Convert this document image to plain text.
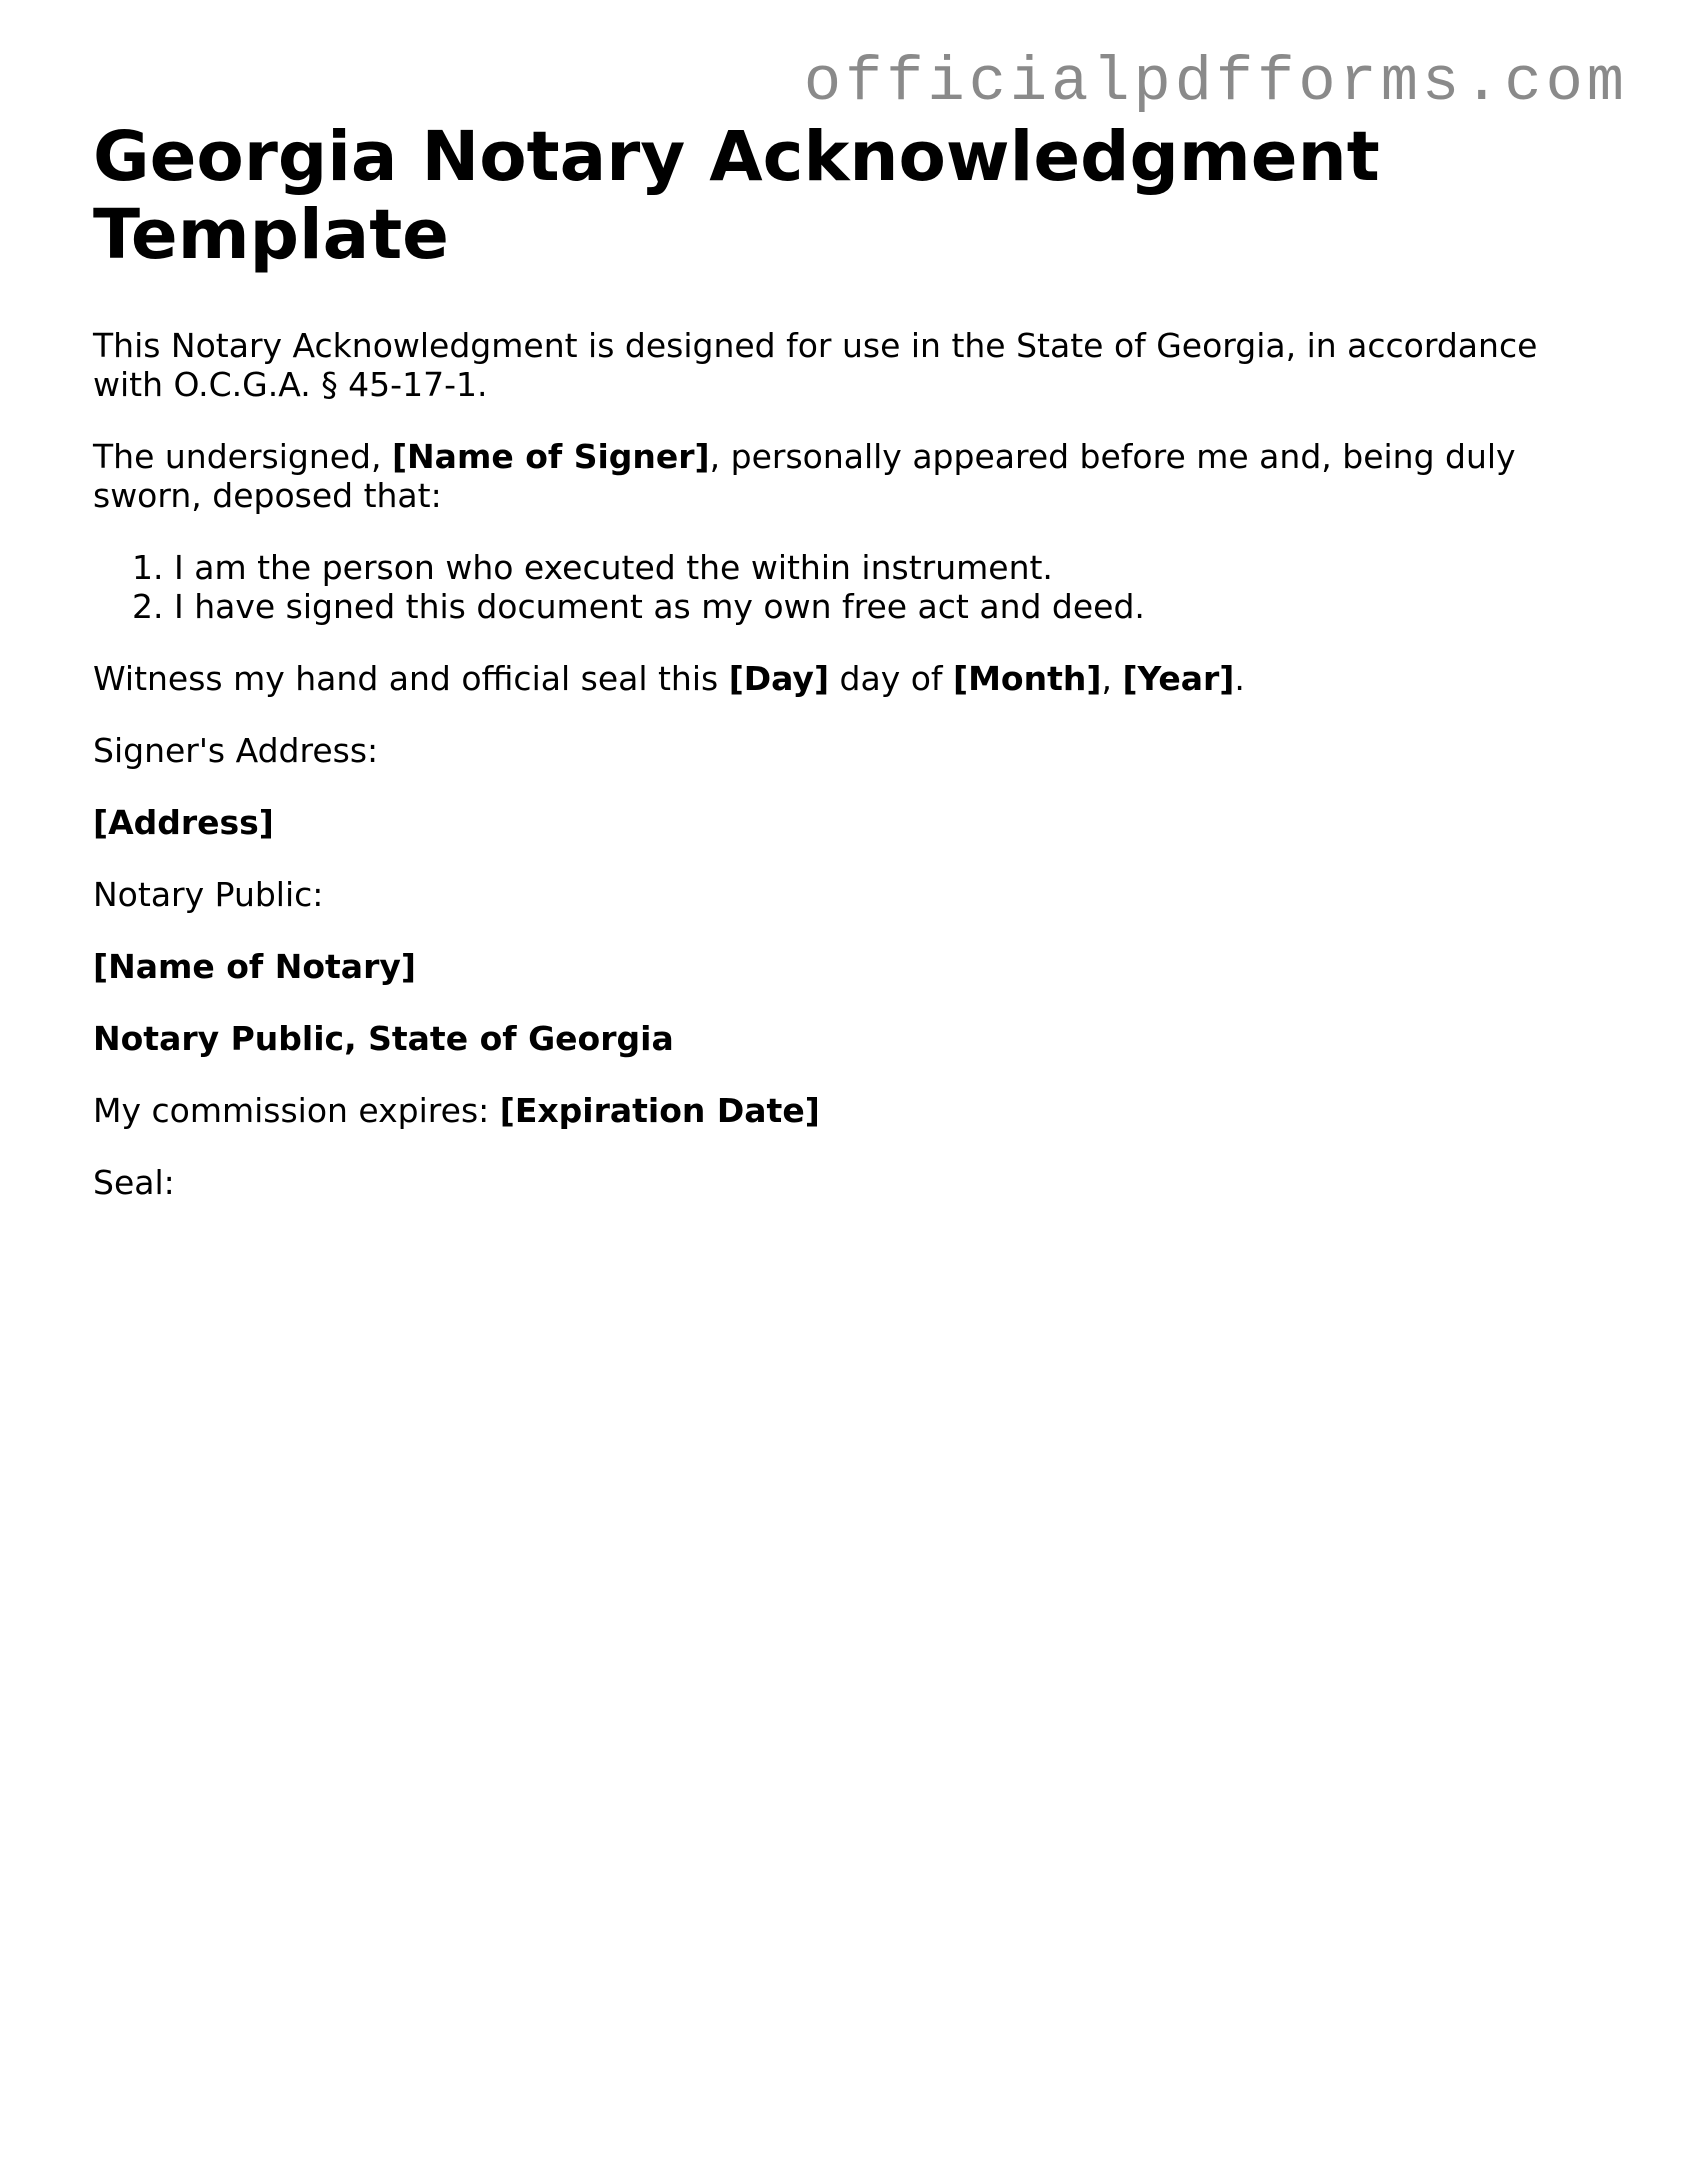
officialpdfforms.com
Georgia Notary Acknowledgment Template

This Notary Acknowledgment is designed for use in the State of Georgia, in accordance with O.C.G.A. § 45-17-1.

The undersigned, [Name of Signer], personally appeared before me and, being duly sworn, deposed that:

1. I am the person who executed the within instrument.
2. I have signed this document as my own free act and deed.

Witness my hand and official seal this [Day] day of [Month], [Year].

Signer's Address:

[Address]

Notary Public:

[Name of Notary]

Notary Public, State of Georgia

My commission expires: [Expiration Date]

Seal:
